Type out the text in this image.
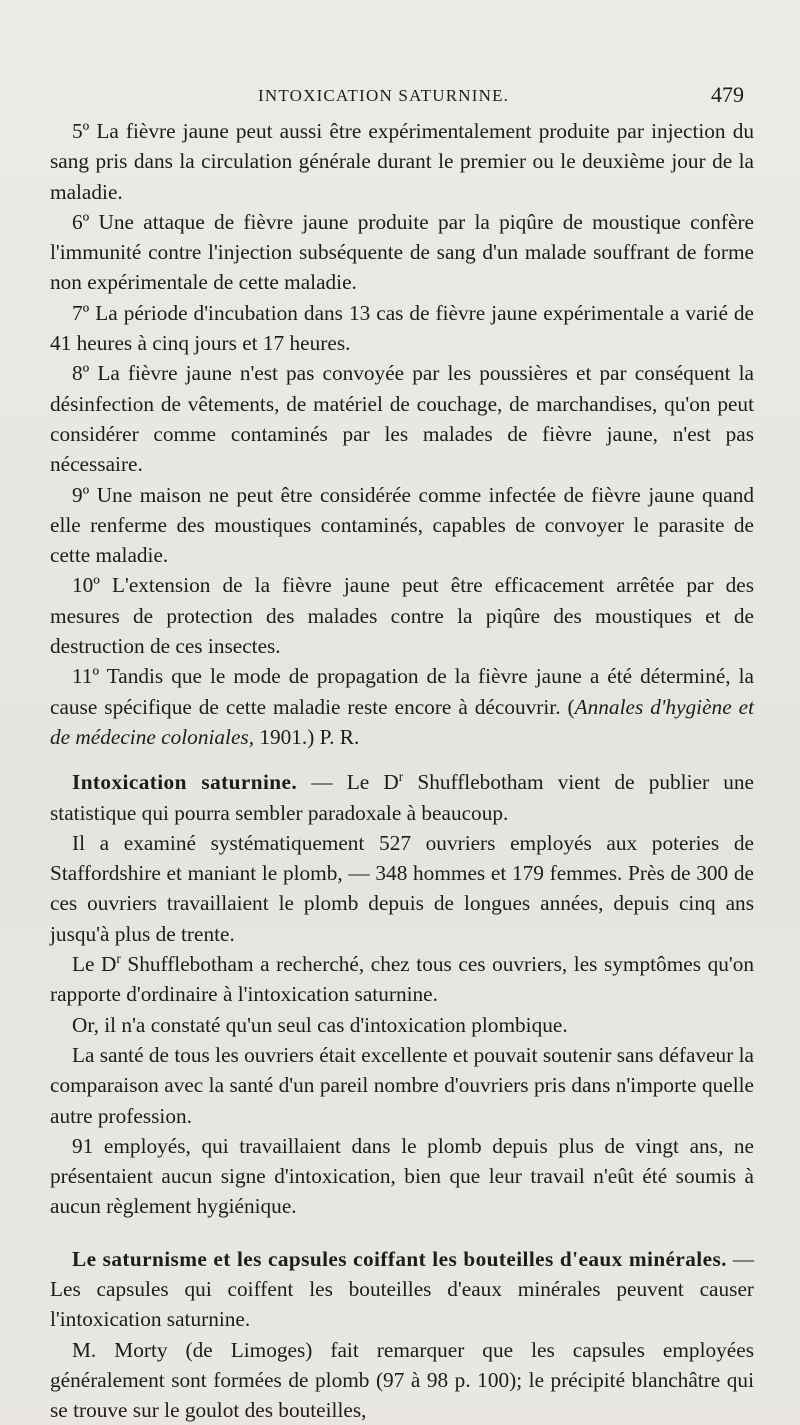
INTOXICATION SATURNINE.	479

5º La fièvre jaune peut aussi être expérimentalement produite par injection du sang pris dans la circulation générale durant le premier ou le deuxième jour de la maladie.

6º Une attaque de fièvre jaune produite par la piqûre de moustique confère l'immunité contre l'injection subséquente de sang d'un malade souffrant de forme non expérimentale de cette maladie.

7º La période d'incubation dans 13 cas de fièvre jaune expérimentale a varié de 41 heures à cinq jours et 17 heures.

8º La fièvre jaune n'est pas convoyée par les poussières et par conséquent la désinfection de vêtements, de matériel de couchage, de marchandises, qu'on peut considérer comme contaminés par les malades de fièvre jaune, n'est pas nécessaire.

9º Une maison ne peut être considérée comme infectée de fièvre jaune quand elle renferme des moustiques contaminés, capables de convoyer le parasite de cette maladie.

10º L'extension de la fièvre jaune peut être efficacement arrêtée par des mesures de protection des malades contre la piqûre des moustiques et de destruction de ces insectes.

11º Tandis que le mode de propagation de la fièvre jaune a été déterminé, la cause spécifique de cette maladie reste encore à découvrir. (Annales d'hygiène et de médecine coloniales, 1901.) P. R.

Intoxication saturnine. — Le $D^r$ Shufflebotham vient de publier une statistique qui pourra sembler paradoxale à beaucoup.

Il a examiné systématiquement 527 ouvriers employés aux poteries de Staffordshire et maniant le plomb, — 348 hommes et 179 femmes. Près de 300 de ces ouvriers travaillaient le plomb depuis de longues années, depuis cinq ans jusqu'à plus de trente.

Le $D^r$ Shufflebotham a recherché, chez tous ces ouvriers, les symptômes qu'on rapporte d'ordinaire à l'intoxication saturnine.

Or, il n'a constaté qu'un seul cas d'intoxication plombique.

La santé de tous les ouvriers était excellente et pouvait soutenir sans défaveur la comparaison avec la santé d'un pareil nombre d'ouvriers pris dans n'importe quelle autre profession.

91 employés, qui travaillaient dans le plomb depuis plus de vingt ans, ne présentaient aucun signe d'intoxication, bien que leur travail n'eût été soumis à aucun règlement hygiénique.

Le saturnisme et les capsules coiffant les bouteilles d'eaux minérales. — Les capsules qui coiffent les bouteilles d'eaux minérales peuvent causer l'intoxication saturnine.

M. Morty (de Limoges) fait remarquer que les capsules employées généralement sont formées de plomb (97 à 98 p. 100); le précipité blanchâtre qui se trouve sur le goulot des bouteilles,
